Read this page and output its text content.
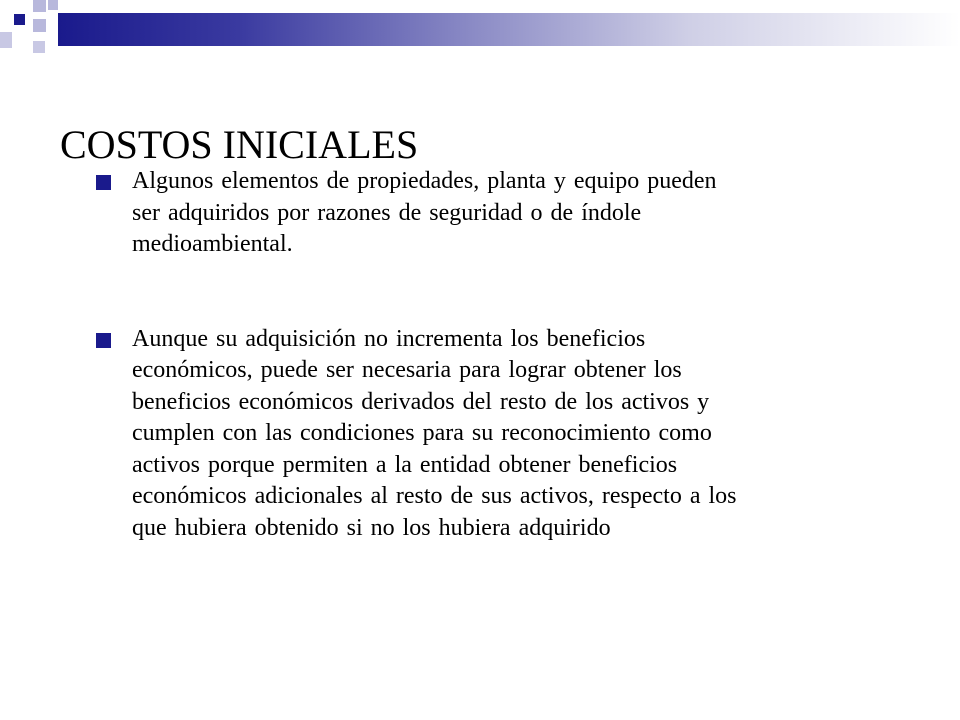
COSTOS INICIALES
Algunos elementos de propiedades, planta y equipo pueden
ser adquiridos por razones de seguridad o de índole
medioambiental.
Aunque su adquisición no incrementa los beneficios
económicos, puede ser necesaria para lograr obtener los
beneficios económicos derivados del resto de los activos y
cumplen con las condiciones para su reconocimiento como
activos porque permiten a la entidad obtener beneficios
económicos adicionales al resto de sus activos, respecto a los
que hubiera obtenido si no los hubiera adquirido
